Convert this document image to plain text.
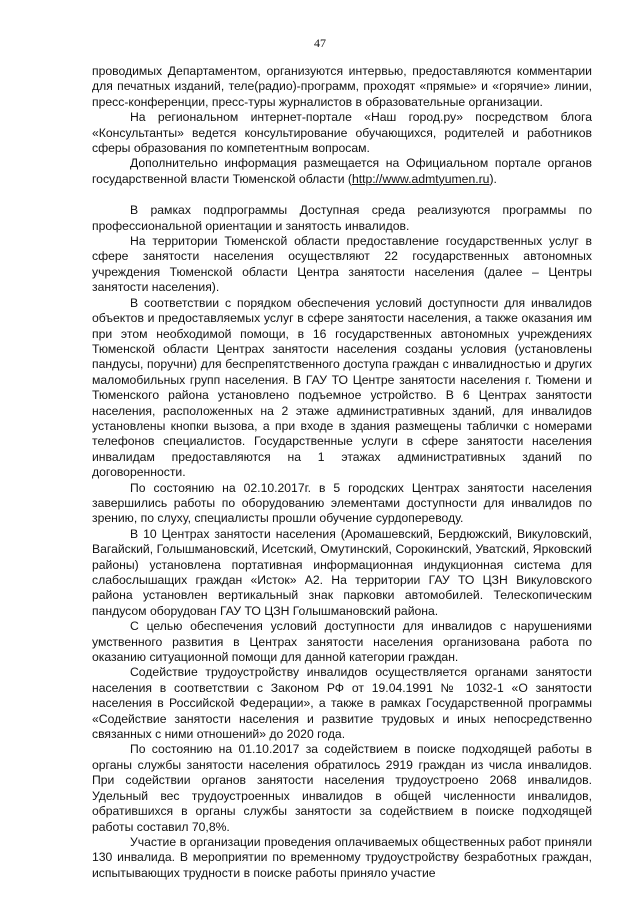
47

проводимых Департаментом, организуются интервью, предоставляются комментарии для печатных изданий, теле(радио)-программ, проходят «прямые» и «горячие» линии, пресс-конференции, пресс-туры журналистов в образовательные организации.

На региональном интернет-портале «Наш город.ру» посредством блога «Консультанты» ведется консультирование обучающихся, родителей и работников сферы образования по компетентным вопросам.

Дополнительно информация размещается на Официальном портале органов государственной власти Тюменской области (http://www.admtyumen.ru).

В рамках подпрограммы Доступная среда реализуются программы по профессиональной ориентации и занятость инвалидов.

На территории Тюменской области предоставление государственных услуг в сфере занятости населения осуществляют 22 государственных автономных учреждения Тюменской области Центра занятости населения (далее – Центры занятости населения).

В соответствии с порядком обеспечения условий доступности для инвалидов объектов и предоставляемых услуг в сфере занятости населения, а также оказания им при этом необходимой помощи, в 16 государственных автономных учреждениях Тюменской области Центрах занятости населения созданы условия (установлены пандусы, поручни) для беспрепятственного доступа граждан с инвалидностью и других маломобильных групп населения. В ГАУ ТО Центре занятости населения г. Тюмени и Тюменского района установлено подъемное устройство. В 6 Центрах занятости населения, расположенных на 2 этаже административных зданий, для инвалидов установлены кнопки вызова, а при входе в здания размещены таблички с номерами телефонов специалистов. Государственные услуги в сфере занятости населения инвалидам предоставляются на 1 этажах административных зданий по договоренности.

По состоянию на 02.10.2017г. в 5 городских Центрах занятости населения завершились работы по оборудованию элементами доступности для инвалидов по зрению, по слуху, специалисты прошли обучение сурдопереводу.

В 10 Центрах занятости населения (Аромашевский, Бердюжский, Викуловский, Вагайский, Голышмановский, Исетский, Омутинский, Сорокинский, Уватский, Ярковский районы) установлена портативная информационная индукционная система для слабослышащих граждан «Исток» А2. На территории ГАУ ТО ЦЗН Викуловского района установлен вертикальный знак парковки автомобилей. Телескопическим пандусом оборудован ГАУ ТО ЦЗН Голышмановский района.

С целью обеспечения условий доступности для инвалидов с нарушениями умственного развития в Центрах занятости населения организована работа по оказанию ситуационной помощи для данной категории граждан.

Содействие трудоустройству инвалидов осуществляется органами занятости населения в соответствии с Законом РФ от 19.04.1991 № 1032-1 «О занятости населения в Российской Федерации», а также в рамках Государственной программы «Содействие занятости населения и развитие трудовых и иных непосредственно связанных с ними отношений» до 2020 года.

По состоянию на 01.10.2017 за содействием в поиске подходящей работы в органы службы занятости населения обратилось 2919 граждан из числа инвалидов. При содействии органов занятости населения трудоустроено 2068 инвалидов. Удельный вес трудоустроенных инвалидов в общей численности инвалидов, обратившихся в органы службы занятости за содействием в поиске подходящей работы составил 70,8%.

Участие в организации проведения оплачиваемых общественных работ приняли 130 инвалида. В мероприятии по временному трудоустройству безработных граждан, испытывающих трудности в поиске работы приняло участие
